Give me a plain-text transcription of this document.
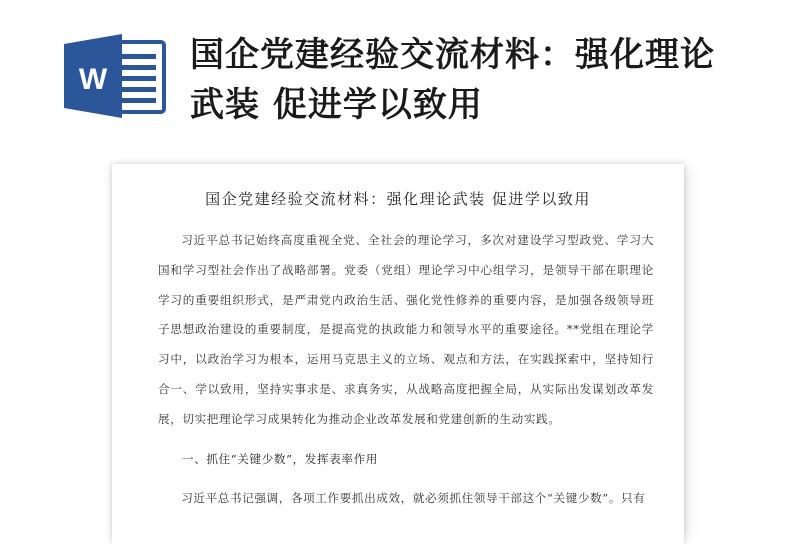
W
国企党建经验交流材料：强化理论武装 促进学以致用
国企党建经验交流材料：强化理论武装 促进学以致用
习近平总书记始终高度重视全党、全社会的理论学习，多次对建设学习型政党、学习大国和学习型社会作出了战略部署。党委（党组）理论学习中心组学习，是领导干部在职理论学习的重要组织形式，是严肃党内政治生活、强化党性修养的重要内容，是加强各级领导班子思想政治建设的重要制度，是提高党的执政能力和领导水平的重要途径。**党组在理论学习中，以政治学习为根本，运用马克思主义的立场、观点和方法，在实践探索中，坚持知行合一、学以致用，坚持实事求是、求真务实，从战略高度把握全局，从实际出发谋划改革发展，切实把理论学习成果转化为推动企业改革发展和党建创新的生动实践。
一、抓住“关键少数”，发挥表率作用
习近平总书记强调，各项工作要抓出成效，就必须抓住领导干部这个“关键少数”。只有
